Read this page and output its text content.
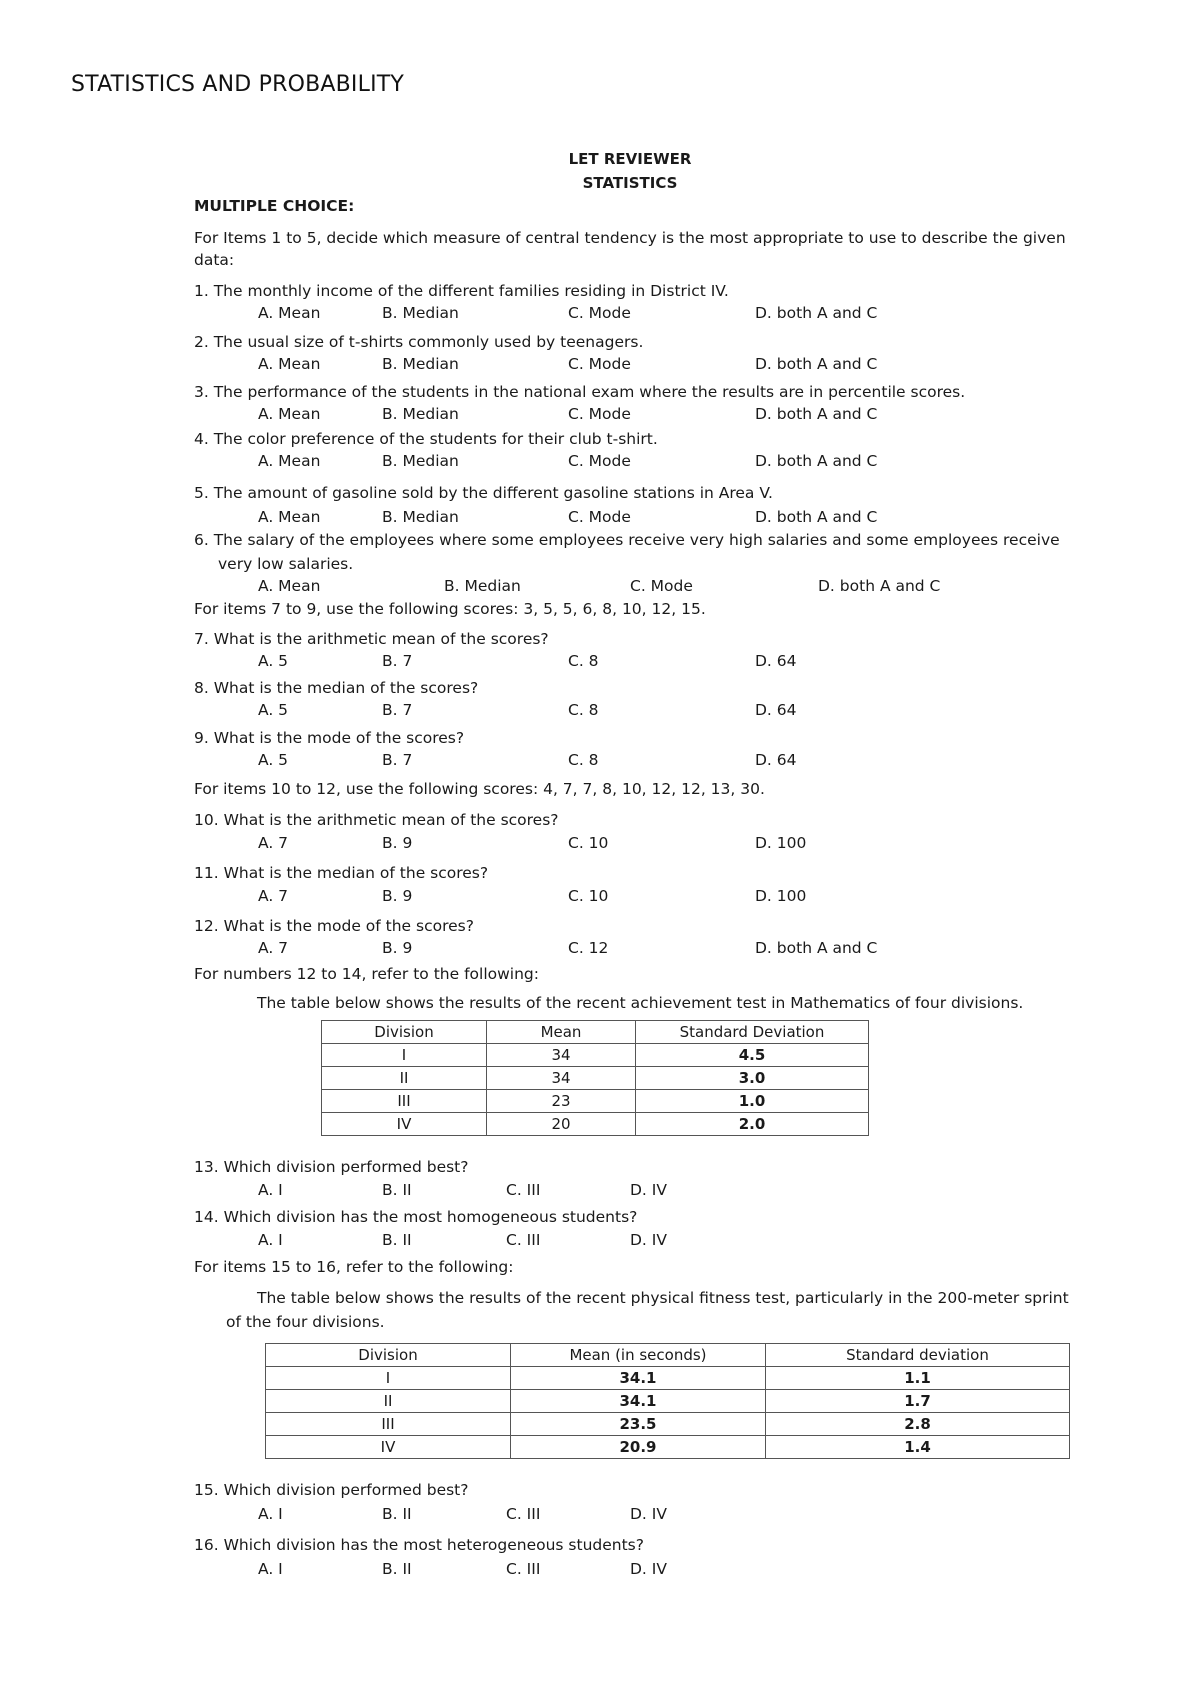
STATISTICS AND PROBABILITY
LET REVIEWER
STATISTICS
MULTIPLE CHOICE:
For Items 1 to 5, decide which measure of central tendency is the most appropriate to use to describe the given
data:
1. The monthly income of the different families residing in District IV.
A. Mean	B. Median	C. Mode	D. both A and C
2. The usual size of t-shirts commonly used by teenagers.
A. Mean	B. Median	C. Mode	D. both A and C
3. The performance of the students in the national exam where the results are in percentile scores.
A. Mean	B. Median	C. Mode	D. both A and C
4. The color preference of the students for their club t-shirt.
A. Mean	B. Median	C. Mode	D. both A and C
5. The amount of gasoline sold by the different gasoline stations in Area V.
A. Mean	B. Median	C. Mode	D. both A and C
6. The salary of the employees where some employees receive very high salaries and some employees receive
very low salaries.
A. Mean	B. Median	C. Mode	D. both A and C
For items 7 to 9, use the following scores: 3, 5, 5, 6, 8, 10, 12, 15.
7. What is the arithmetic mean of the scores?
A. 5	B. 7	C. 8	D. 64
8. What is the median of the scores?
A. 5	B. 7	C. 8	D. 64
9. What is the mode of the scores?
A. 5	B. 7	C. 8	D. 64
For items 10 to 12, use the following scores: 4, 7, 7, 8, 10, 12, 12, 13, 30.
10. What is the arithmetic mean of the scores?
A. 7	B. 9	C. 10	D. 100
11. What is the median of the scores?
A. 7	B. 9	C. 10	D. 100
12. What is the mode of the scores?
A. 7	B. 9	C. 12	D. both A and C
For numbers 12 to 14, refer to the following:
The table below shows the results of the recent achievement test in Mathematics of four divisions.
Division	Mean	Standard Deviation
I	34	4.5
II	34	3.0
III	23	1.0
IV	20	2.0
13. Which division performed best?
A. I	B. II	C. III	D. IV
14. Which division has the most homogeneous students?
A. I	B. II	C. III	D. IV
For items 15 to 16, refer to the following:
The table below shows the results of the recent physical fitness test, particularly in the 200-meter sprint
of the four divisions.
Division	Mean (in seconds)	Standard deviation
I	34.1	1.1
II	34.1	1.7
III	23.5	2.8
IV	20.9	1.4
15. Which division performed best?
A. I	B. II	C. III	D. IV
16. Which division has the most heterogeneous students?
A. I	B. II	C. III	D. IV
